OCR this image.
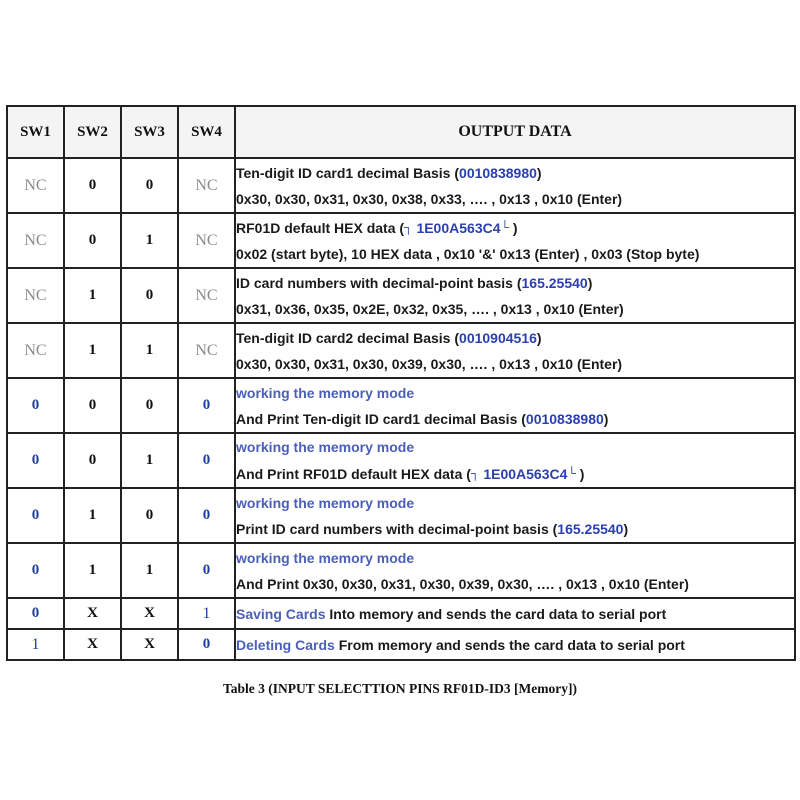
SW1	SW2	SW3	SW4	OUTPUT DATA
NC	0	0	NC	Ten-digit ID card1 decimal Basis (0010838980)
0x30, 0x30, 0x31, 0x30, 0x38, 0x33, …. , 0x13 , 0x10 (Enter)

NC	0	1	NC	RF01D default HEX data (┐ 1E00A563C4└ )
0x02 (start byte), 10 HEX data , 0x10 '&' 0x13 (Enter) , 0x03 (Stop byte)

NC	1	0	NC	ID card numbers with decimal-point basis (165.25540)
0x31, 0x36, 0x35, 0x2E, 0x32, 0x35, …. , 0x13 , 0x10 (Enter)

NC	1	1	NC	Ten-digit ID card2 decimal Basis (0010904516)
0x30, 0x30, 0x31, 0x30, 0x39, 0x30, …. , 0x13 , 0x10 (Enter)

0	0	0	0	working the memory mode
And Print Ten-digit ID card1 decimal Basis (0010838980)

0	0	1	0	working the memory mode
And Print RF01D default HEX data (┐ 1E00A563C4└ )

0	1	0	0	working the memory mode
Print ID card numbers with decimal-point basis (165.25540)

0	1	1	0	working the memory mode
And Print 0x30, 0x30, 0x31, 0x30, 0x39, 0x30, …. , 0x13 , 0x10 (Enter)

0	X	X	1	Saving Cards Into memory and sends the card data to serial port

1	X	X	0	Deleting Cards From memory and sends the card data to serial port
Table 3 (INPUT SELECTTION PINS RF01D-ID3 [Memory])
